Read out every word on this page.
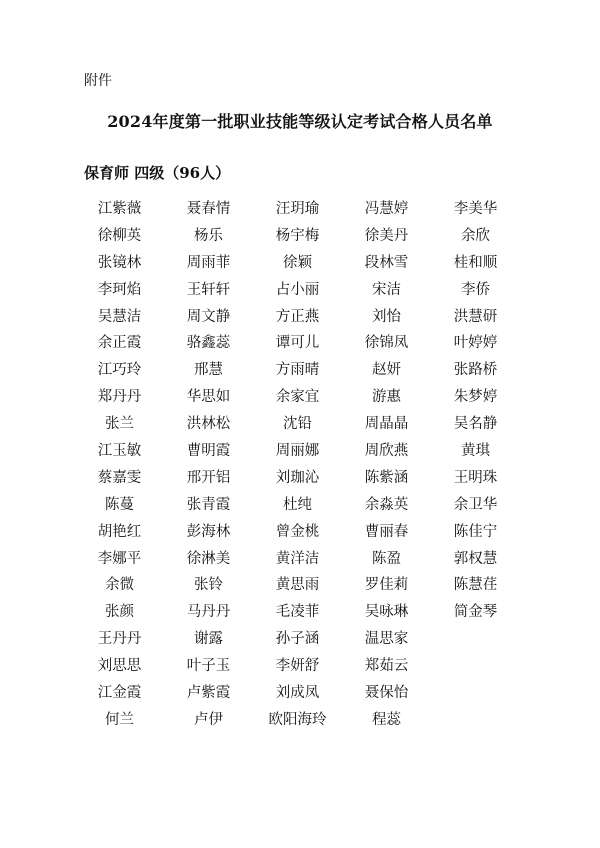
附件
2024年度第一批职业技能等级认定考试合格人员名单
保育师 四级（96人）
江紫薇	聂春情	汪玥瑜	冯慧婷	李美华
徐柳英	杨乐	杨宇梅	徐美丹	余欣
张镜林	周雨菲	徐颖	段林雪	桂和顺
李珂焰	王轩轩	占小丽	宋洁	李侨
吴慧洁	周文静	方正燕	刘怡	洪慧研
余正霞	骆鑫蕊	谭可儿	徐锦凤	叶婷婷
江巧玲	邢慧	方雨晴	赵妍	张路桥
郑丹丹	华思如	余家宜	游惠	朱梦婷
张兰	洪林松	沈铅	周晶晶	吴名静
江玉敏	曹明霞	周丽娜	周欣燕	黄琪
蔡嘉雯	邢开铝	刘珈沁	陈紫涵	王明珠
陈蔓	张青霞	杜纯	余淼英	余卫华
胡艳红	彭海林	曾金桃	曹丽春	陈佳宁
李娜平	徐淋美	黄洋洁	陈盈	郭权慧
余微	张铃	黄思雨	罗佳莉	陈慧荏
张颜	马丹丹	毛凌菲	吴咏琳	简金琴
王丹丹	谢露	孙子涵	温思家
刘思思	叶子玉	李妍舒	郑茹云
江金霞	卢紫霞	刘成凤	聂保怡
何兰	卢伊	欧阳海玲	程蕊
